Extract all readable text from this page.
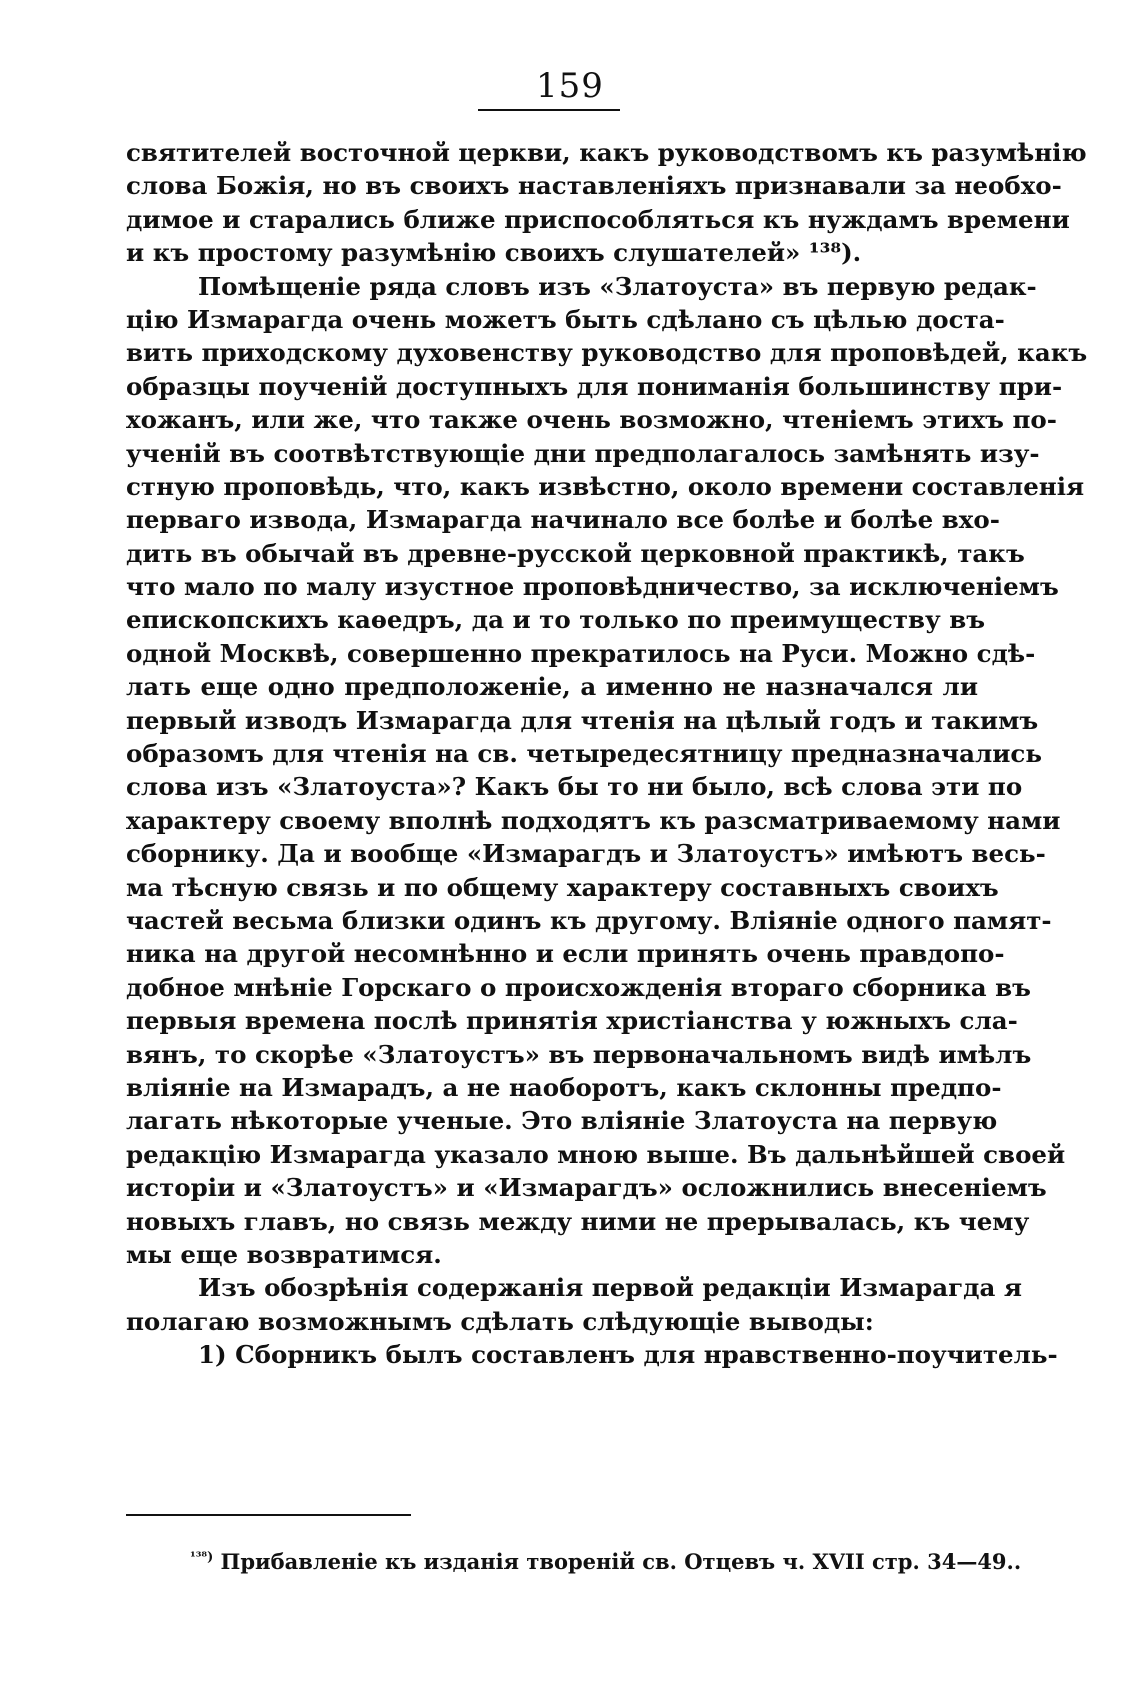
159
святителей восточной церкви, какъ руководствомъ къ разумѣнію
слова Божія, но въ своихъ наставленіяхъ признавали за необхо-
димое и старались ближе приспособляться къ нуждамъ времени
и къ простому разумѣнію своихъ слушателей» ¹³⁸).
Помѣщеніе ряда словъ изъ «Златоуста» въ первую редак-
цію Измарагда очень можетъ быть сдѣлано съ цѣлью доста-
вить приходскому духовенству руководство для проповѣдей, какъ
образцы поученій доступныхъ для пониманія большинству при-
хожанъ, или же, что также очень возможно, чтеніемъ этихъ по-
ученій въ соотвѣтствующіе дни предполагалось замѣнять изу-
стную проповѣдь, что, какъ извѣстно, около времени составленія
перваго извода, Измарагда начинало все болѣе и болѣе вхо-
дить въ обычай въ древне-русской церковной практикѣ, такъ
что мало по малу изустное проповѣдничество, за исключеніемъ
епископскихъ каѳедръ, да и то только по преимуществу въ
одной Москвѣ, совершенно прекратилось на Руси. Можно сдѣ-
лать еще одно предположеніе, а именно не назначался ли
первый изводъ Измарагда для чтенія на цѣлый годъ и такимъ
образомъ для чтенія на св. четыредесятницу предназначались
слова изъ «Златоуста»? Какъ бы то ни было, всѣ слова эти по
характеру своему вполнѣ подходятъ къ разсматриваемому нами
сборнику. Да и вообще «Измарагдъ и Златоустъ» имѣютъ весь-
ма тѣсную связь и по общему характеру составныхъ своихъ
частей весьма близки одинъ къ другому. Вліяніе одного памят-
ника на другой несомнѣнно и если принять очень правдопо-
добное мнѣніе Горскаго о происхожденія втораго сборника въ
первыя времена послѣ принятія христіанства у южныхъ сла-
вянъ, то скорѣе «Златоустъ» въ первоначальномъ видѣ имѣлъ
вліяніе на Измарадъ, а не наоборотъ, какъ склонны предпо-
лагать нѣкоторые ученые. Это вліяніе Златоуста на первую
редакцію Измарагда указало мною выше. Въ дальнѣйшей своей
исторіи и «Златоустъ» и «Измарагдъ» осложнились внесеніемъ
новыхъ главъ, но связь между ними не прерывалась, къ чему
мы еще возвратимся.
Изъ обозрѣнія содержанія первой редакціи Измарагда я
полагаю возможнымъ сдѣлать слѣдующіе выводы:
1) Сборникъ былъ составленъ для нравственно-поучитель-
$^{^{138})}$ Прибавленіе къ изданія твореній св. Отцевъ ч. XVII стр. 34—49..
